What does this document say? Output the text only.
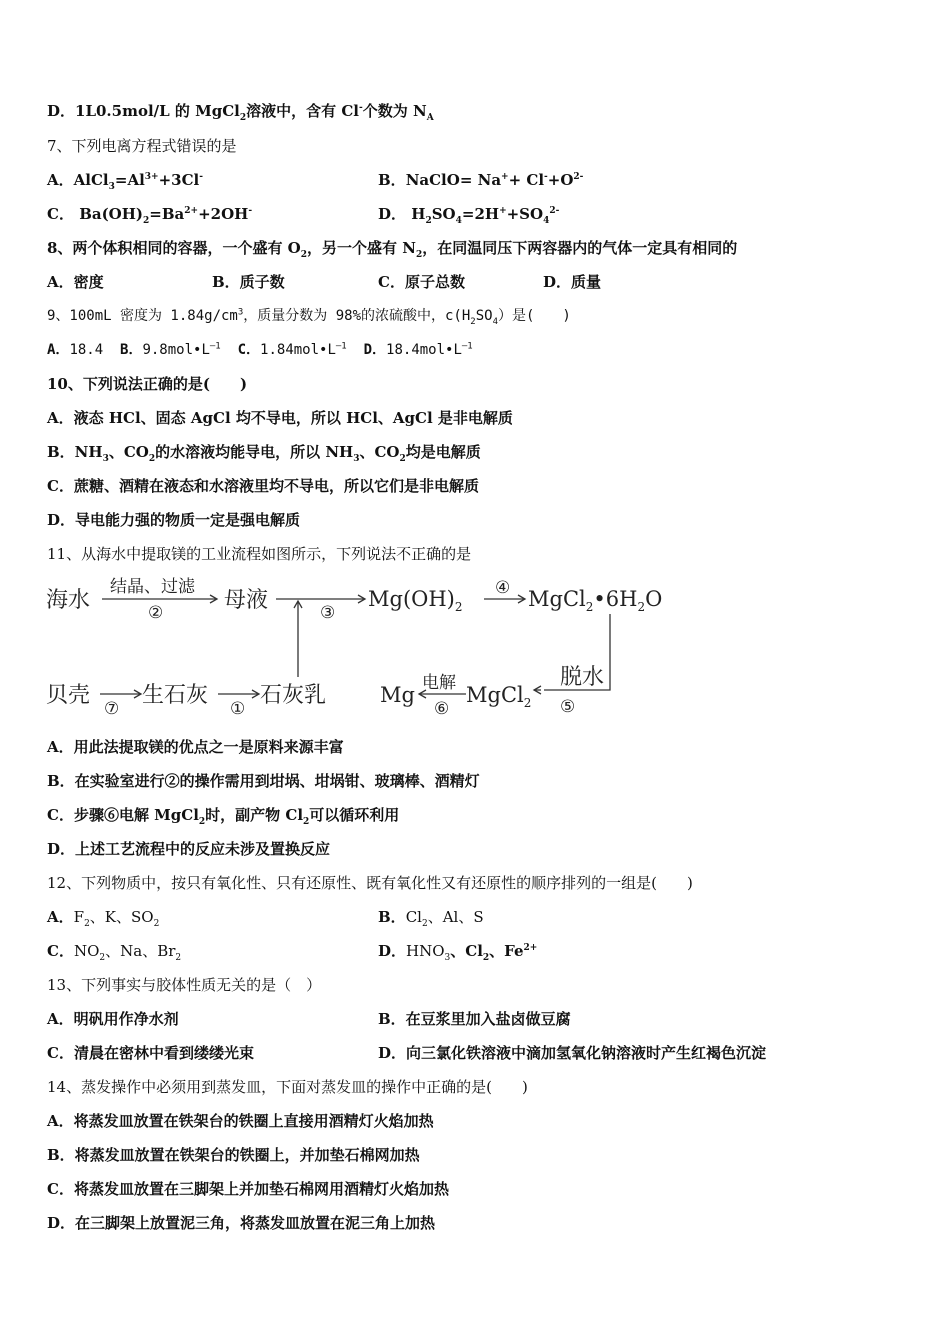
D．1L0.5mol/L 的 MgCl$_2$溶液中，含有 Cl-个数为 $N_A$
7、下列电离方程式错误的是
A．$AlCl_3=Al^{3+}+3Cl^-$	B．NaClO= $Na^++ Cl^-+O^{2-}$
C． $Ba(OH)_2=Ba^{2+}+2OH^-$	D． $H_2SO_4=2H^++SO_4^{2-}$
8、两个体积相同的容器，一个盛有 $O_2$，另一个盛有 $N_2$，在同温同压下两容器内的气体一定具有相同的
A．密度	B．质子数	C．原子总数	D．质量
9、100mL 密度为 $1.84g/cm^3$，质量分数为 98%的浓硫酸中，$c(H_2SO_4)$是(　　)
A．18.4 B．$9.8mol•L^{—1}$ C．$1.84mol•L^{—1}$ D．$18.4mol•L^{—1}$
10、下列说法正确的是(　　)
A．液态 HCl、固态 AgCl 均不导电，所以 HCl、AgCl 是非电解质
B．$NH_3$、$CO_2$的水溶液均能导电，所以 $NH_3$、$CO_2$均是电解质
C．蔗糖、酒精在液态和水溶液里均不导电，所以它们是非电解质
D．导电能力强的物质一定是强电解质
11、从海水中提取镁的工业流程如图所示，下列说法不正确的是
海水
结晶、过滤
②	母液	③
$Mg(OH)_2$
④ $MgCl_2•6H_2O$
贝壳
⑦
生石灰
①
石灰乳	Mg 电解
⑥
MgCl$_2$
脱水
⑤
A．用此法提取镁的优点之一是原料来源丰富
B．在实验室进行②的操作需用到坩埚、坩埚钳、玻璃棒、酒精灯
C．步骤⑥电解 MgCl$_2$时，副产物 $Cl_2$可以循环利用
D．上述工艺流程中的反应未涉及置换反应
12、下列物质中，按只有氧化性、只有还原性、既有氧化性又有还原性的顺序排列的一组是(　　)
A．$F_2$、K、$SO_2$	B．$Cl_2$、Al、S
C．$NO_2$、Na、$Br_2$	D．$HNO_3$、$Cl_2$、$Fe^{2+}$
13、下列事实与胶体性质无关的是（　）
A．明矾用作净水剂	B．在豆浆里加入盐卤做豆腐
C．清晨在密林中看到缕缕光束	D．向三氯化铁溶液中滴加氢氧化钠溶液时产生红褐色沉淀
14、蒸发操作中必须用到蒸发皿，下面对蒸发皿的操作中正确的是(　　)
A．将蒸发皿放置在铁架台的铁圈上直接用酒精灯火焰加热
B．将蒸发皿放置在铁架台的铁圈上，并加垫石棉网加热
C．将蒸发皿放置在三脚架上并加垫石棉网用酒精灯火焰加热
D．在三脚架上放置泥三角，将蒸发皿放置在泥三角上加热
